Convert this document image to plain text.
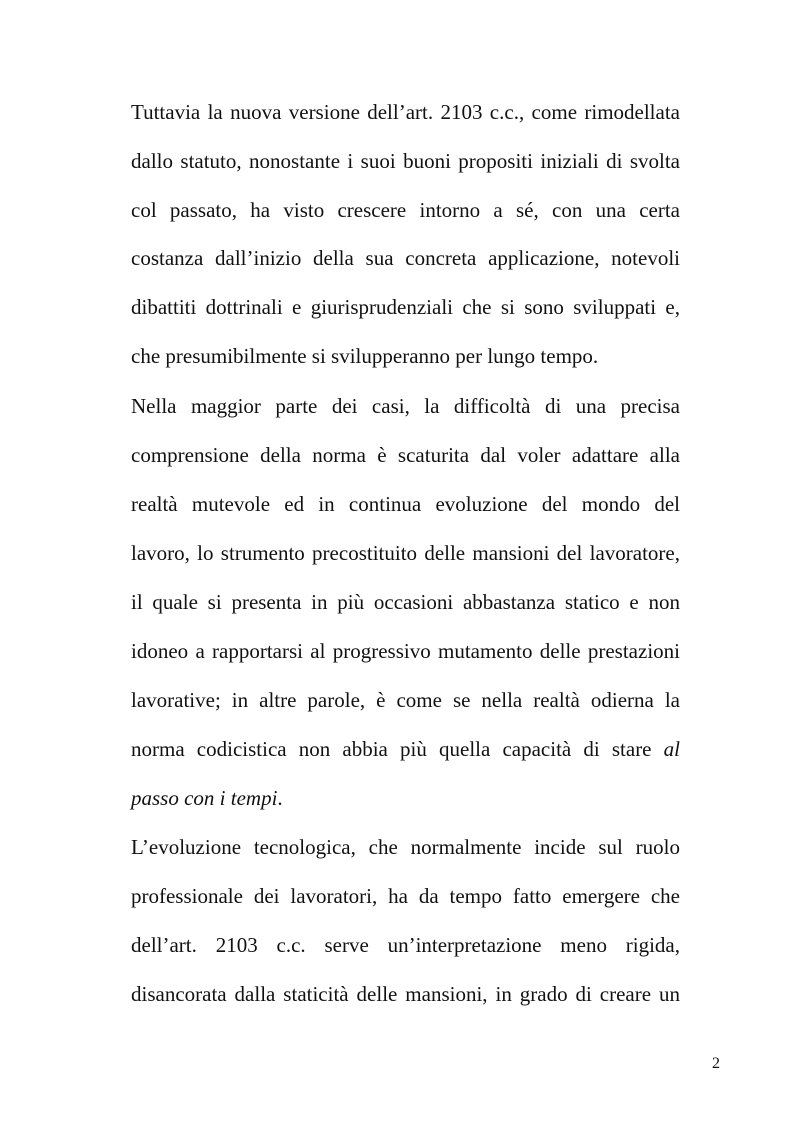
Tuttavia la nuova versione dell’art. 2103 c.c., come rimodellata
dallo statuto, nonostante i suoi buoni propositi iniziali di svolta
col passato, ha visto crescere intorno a sé, con una certa
costanza dall’inizio della sua concreta applicazione, notevoli
dibattiti dottrinali e giurisprudenziali che si sono sviluppati e,
che presumibilmente si svilupperanno per lungo tempo.
Nella maggior parte dei casi, la difficoltà di una precisa
comprensione della norma è scaturita dal voler adattare alla
realtà mutevole ed in continua evoluzione del mondo del
lavoro, lo strumento precostituito delle mansioni del lavoratore,
il quale si presenta in più occasioni abbastanza statico e non
idoneo a rapportarsi al progressivo mutamento delle prestazioni
lavorative; in altre parole, è come se nella realtà odierna la
norma codicistica non abbia più quella capacità di stare al
passo con i tempi.
L’evoluzione tecnologica, che normalmente incide sul ruolo
professionale dei lavoratori, ha da tempo fatto emergere che
dell’art. 2103 c.c. serve un’interpretazione meno rigida,
disancorata dalla staticità delle mansioni, in grado di creare un
2
